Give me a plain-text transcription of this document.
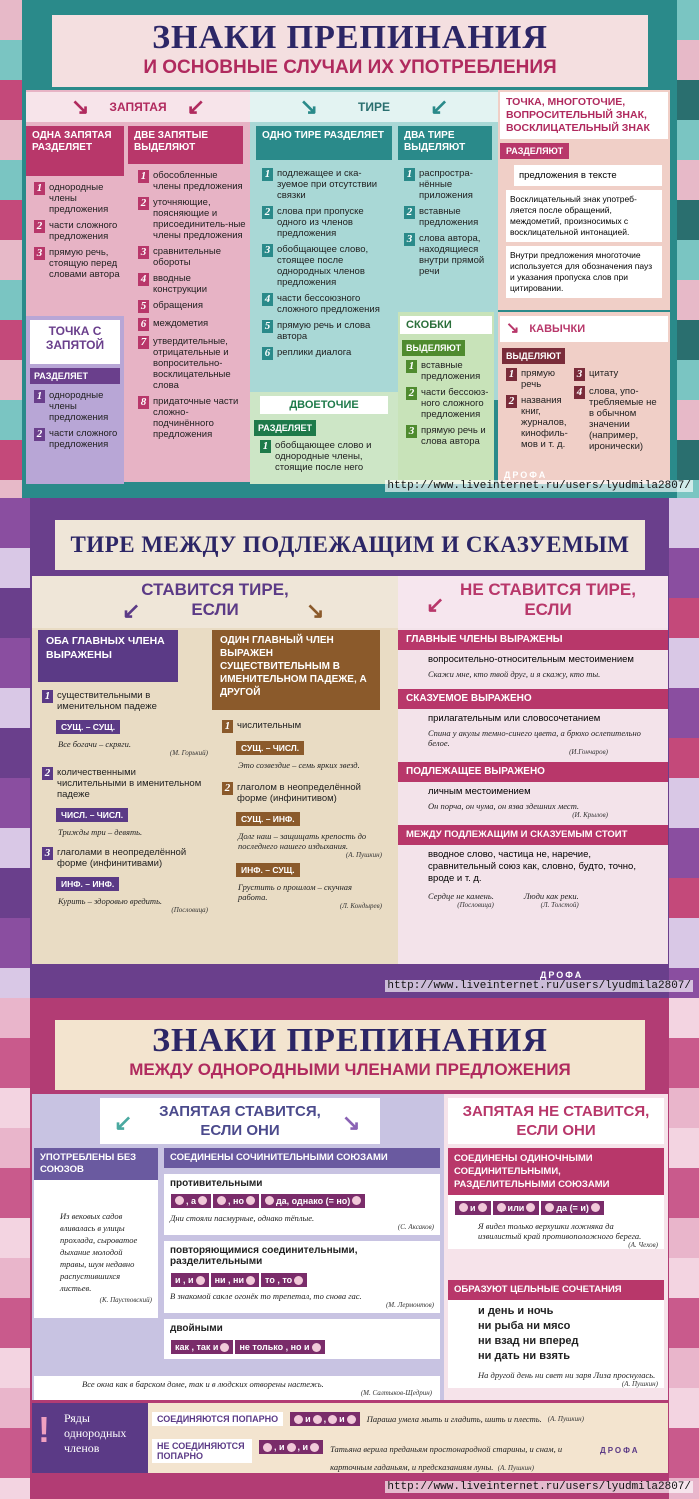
ЗНАКИ ПРЕПИНАНИЯ
И ОСНОВНЫЕ СЛУЧАИ ИХ УПОТРЕБЛЕНИЯ
↘ ЗАПЯТАЯ ↙
ОДНА ЗАПЯТАЯ
РАЗДЕЛЯЕТ
1 однородные члены предложения
2 части сложного предложения
3 прямую речь, стоящую перед словами автора
ДВЕ ЗАПЯТЫЕ ВЫДЕЛЯЮТ
1 обособленные члены предложения
2 уточняющие, поясняющие и присоединитель-ные члены предложения
3 сравнительные обороты
4 вводные конструкции
5 обращения
6 междометия
7 утвердительные, отрицательные и вопросительно-восклицательные слова
8 придаточные части сложно-подчинённого предложения
ТОЧКА С ЗАПЯТОЙ
РАЗДЕЛЯЕТ
1 однородные члены предложения
2 части сложного предложения
↘	ТИРЕ ↙
ОДНО ТИРЕ РАЗДЕЛЯЕТ
1 подлежащее и ска-зуемое при отсутствии связки
2 слова при пропуске одного из членов предложения
3 обобщающее слово, стоящее после однородных членов предложения
4 части бессоюзного сложного предложения
5 прямую речь и слова автора
6 реплики диалога
ДВА ТИРЕ ВЫДЕЛЯЮТ
1 распростра-нённые приложения
2 вставные предложения
3 слова автора, находящиеся внутри прямой речи
ДВОЕТОЧИЕ
РАЗДЕЛЯЕТ
1 обобщающее слово и однородные члены, стоящие после него
ТОЧКА, МНОГОТОЧИЕ, ВОПРОСИТЕЛЬНЫЙ ЗНАК, ВОСКЛИЦАТЕЛЬНЫЙ ЗНАК
РАЗДЕЛЯЮТ
предложения в тексте
Восклицательный знак употреб-ляется после обращений, междометий, произносимых с восклицательной интонацией.
Внутри предложения многоточие используется для обозначения пауз и указания пропуска слов при цитировании.
СКОБКИ
ВЫДЕЛЯЮТ
1 вставные предложения
2 части бессоюз-ного сложного предложения
3 прямую речь и слова автора
↘ КАВЫЧКИ
ВЫДЕЛЯЮТ
1 прямую речь
2 названия книг, журналов, кинофиль-мов и т. д.
3 цитату
4 слова, упо-требляемые не в обычном значении (например, иронически)
ДРОФА
http://www.liveinternet.ru/users/lyudmila2807/
ТИРЕ МЕЖДУ ПОДЛЕЖАЩИМ И СКАЗУЕМЫМ
СТАВИТСЯ ТИРЕ, ЕСЛИ
↙	↘
ОБА ГЛАВНЫХ ЧЛЕНА ВЫРАЖЕНЫ
1 существительными в именительном падеже
СУЩ. – СУЩ.
Все богачи – скряги.
(М. Горький)
2 количественными числительными в именительном падеже
ЧИСЛ. – ЧИСЛ.
Трижды три – девять.
3 глаголами в неопределённой форме (инфинитивами)
ИНФ. – ИНФ.
Курить – здоровью вредить.
(Пословица)
ОДИН ГЛАВНЫЙ ЧЛЕН ВЫРАЖЕН СУЩЕСТВИТЕЛЬНЫМ В ИМЕНИТЕЛЬНОМ ПАДЕЖЕ, А ДРУГОЙ
1 числительным
СУЩ. – ЧИСЛ.
Это созвездие – семь ярких звезд.
2 глаголом в неопределённой форме (инфинитивом)
СУЩ. – ИНФ.
Долг наш – защищать крепость до последнего нашего издыхания.
(А. Пушкин)
ИНФ. – СУЩ.
Грустить о прошлом – скучная работа.
(Л. Кондырев)
НЕ СТАВИТСЯ ТИРЕ, ЕСЛИ
↙
ГЛАВНЫЕ ЧЛЕНЫ ВЫРАЖЕНЫ
вопросительно-относительным местоимением
Скажи мне, кто твой друг, и я скажу, кто ты.
СКАЗУЕМОЕ ВЫРАЖЕНО
прилагательным или словосочетанием
Спина у акулы темно-синего цвета, а брюхо ослепительно белое.
(И.Гончаров)
ПОДЛЕЖАЩЕЕ ВЫРАЖЕНО
личным местоимением
Он порча, он чума, он язва здешних мест.
(И. Крылов)
МЕЖДУ ПОДЛЕЖАЩИМ И СКАЗУЕМЫМ СТОИТ
вводное слово, частица не, наречие, сравнительный союз как, словно, будто, точно, вроде и т. д.
Сердце не камень.
(Пословица)
Люди как реки.
(Л. Толстой)
ДРОФА
http://www.liveinternet.ru/users/lyudmila2807/
ЗНАКИ ПРЕПИНАНИЯ
МЕЖДУ ОДНОРОДНЫМИ ЧЛЕНАМИ ПРЕДЛОЖЕНИЯ
ЗАПЯТАЯ СТАВИТСЯ, ЕСЛИ ОНИ
↙	↘	ЗАПЯТАЯ НЕ СТАВИТСЯ, ЕСЛИ ОНИ
УПОТРЕБЛЕНЫ БЕЗ СОЮЗОВ
Из вековых садов вливалась в улицы прохлада, сыроватое дыхание молодой травы, шум недавно распустившихся листьев.
(К. Паустовский)
СОЕДИНЕНЫ СОЧИНИТЕЛЬНЫМИ СОЮЗАМИ
противительными
, а	, но	да, однако (= но)
Дни стояли пасмурные, однако тёплые.
(С. Аксаков)
повторяющимися соединительными, разделительными
и , и ни , ни то , то
В знакомой сакле огонёк то трепетал, то снова гас.
(М. Лермонтов)
двойными
как , так и не только , но и
Все окна как в барском доме, так и в людских отворены настежь.
(М. Салтыков-Щедрин)
СОЕДИНЕНЫ ОДИНОЧНЫМИ СОЕДИНИТЕЛЬНЫМИ, РАЗДЕЛИТЕЛЬНЫМИ СОЮЗАМИ
и	или	да (= и)
Я видел только верхушки ложняка да извилистый край противоположного берега.
(А. Чехов)
ОБРАЗУЮТ ЦЕЛЬНЫЕ СОЧЕТАНИЯ
и день и ночь
ни рыба ни мясо
ни взад ни вперед
ни дать ни взять
На другой день ни свет ни заря Лиза проснулась.
(А. Пушкин)
! Ряды однородных членов
СОЕДИНЯЮТСЯ ПОПАРНО	и , и	Параша умела мыть и гладить, шить и плесть. (А. Пушкин)
НЕ СОЕДИНЯЮТСЯ ПОПАРНО
, и , и	Татьяна верила преданьям простонародной старины, и снам, и карточным гаданьям, и предсказаниям луны. (А. Пушкин)
ДРОФА
http://www.liveinternet.ru/users/lyudmila2807/
